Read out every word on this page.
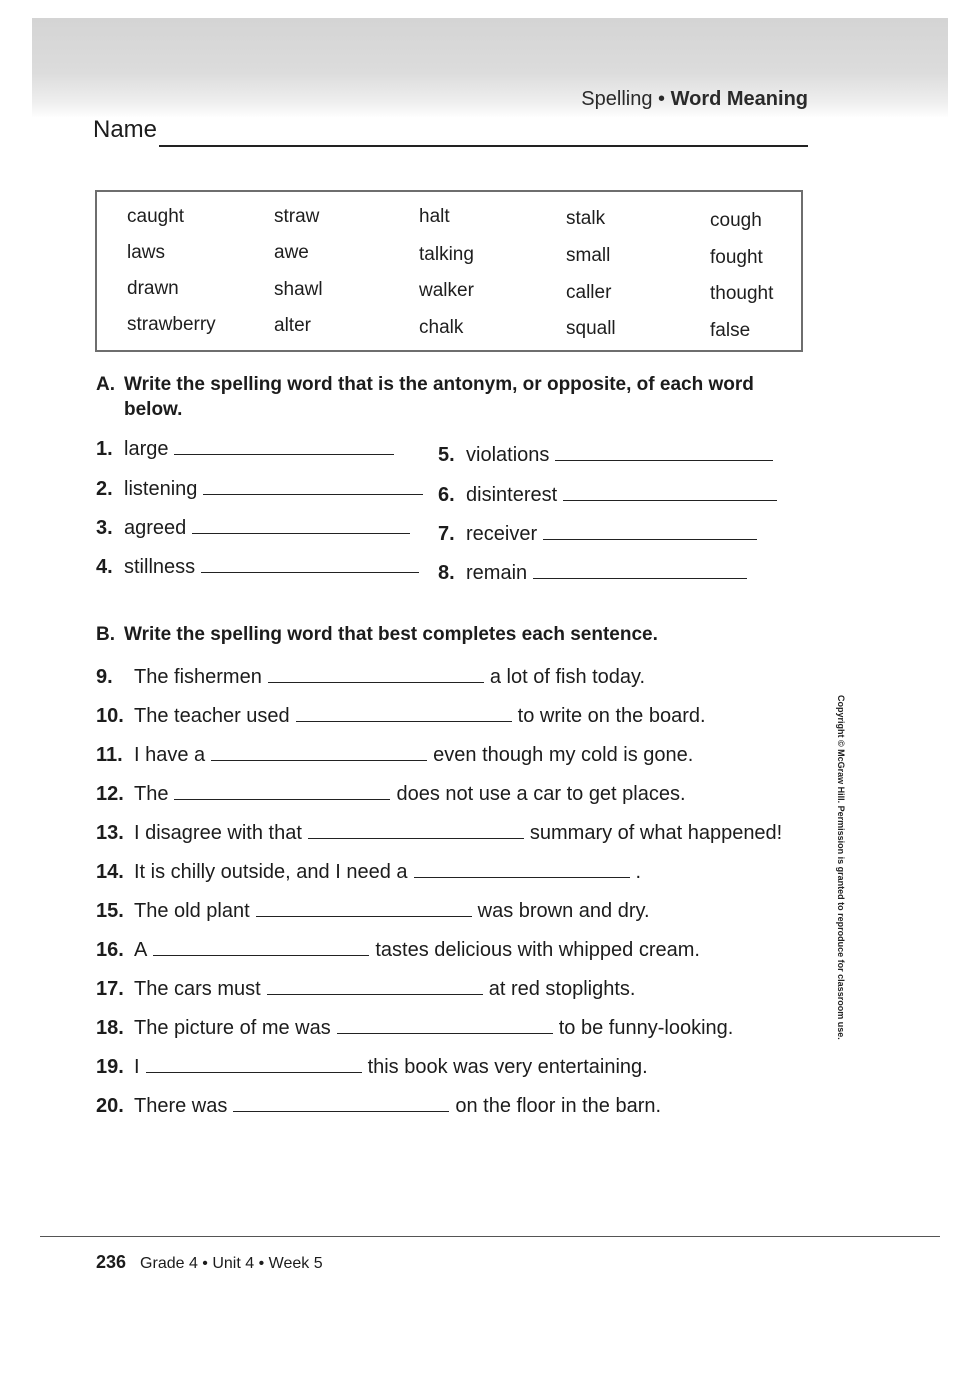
Spelling • Word Meaning
Name
caught	straw	halt	stalk	cough
laws	awe	talking	small	fought
drawn	shawl	walker	caller	thought
strawberry	alter	chalk	squall	false
A. Write the spelling word that is the antonym, or opposite, of each word
below.
1. large
2. listening
3. agreed
4. stillness
5. violations
6. disinterest
7. receiver
8. remain
B. Write the spelling word that best completes each sentence.
9. The fishermen	a lot of fish today.
10. The teacher used	to write on the board.
11. I have a	even though my cold is gone.
12. The	does not use a car to get places.
13. I disagree with that	summary of what happened!
14. It is chilly outside, and I need a	.
15. The old plant	was brown and dry.
16. A	tastes delicious with whipped cream.
17. The cars must	at red stoplights.
18. The picture of me was	to be funny-looking.
19. I	this book was very entertaining.
20. There was	on the floor in the barn.
Copyright © McGraw Hill. Permission is granted to reproduce for classroom use.
236 Grade 4 • Unit 4 • Week 5
